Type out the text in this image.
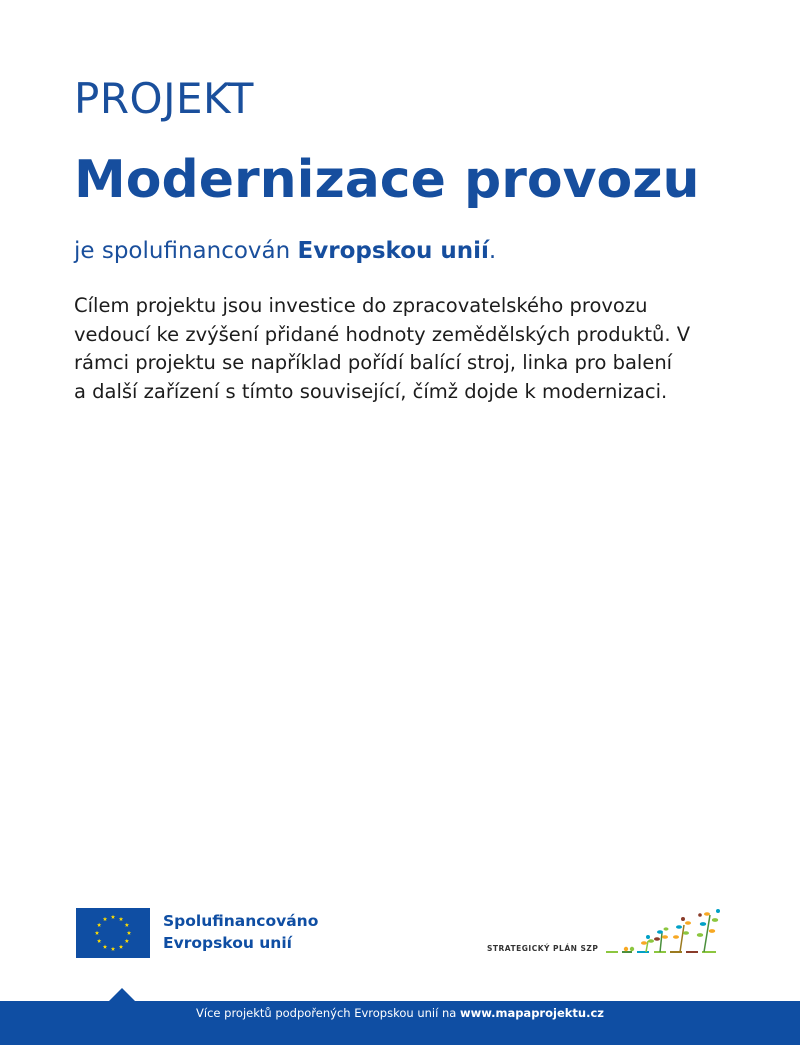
PROJEKT
Modernizace provozu
je spolufinancován Evropskou unií.
Cílem projektu jsou investice do zpracovatelského provozu
vedoucí ke zvýšení přidané hodnoty zemědělských produktů. V
rámci projektu se například pořídí balící stroj, linka pro balení
a další zařízení s tímto související, čímž dojde k modernizaci.
Spolufinancováno
Evropskou unií	STRATEGICKÝ PLÁN SZP
Více projektů podpořených Evropskou unií na www.mapaprojektu.cz
